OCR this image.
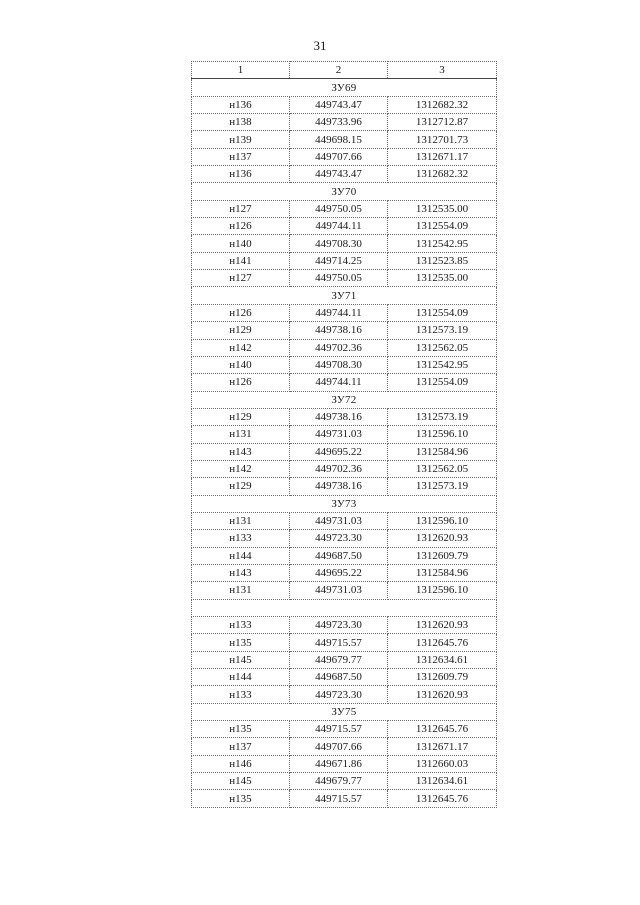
31
1	2	3
ЗУ69		
н136	449743.47	1312682.32
н138	449733.96	1312712.87
н139	449698.15	1312701.73
н137	449707.66	1312671.17
н136	449743.47	1312682.32
ЗУ70		
н127	449750.05	1312535.00
н126	449744.11	1312554.09
н140	449708.30	1312542.95
н141	449714.25	1312523.85
н127	449750.05	1312535.00
ЗУ71		
н126	449744.11	1312554.09
н129	449738.16	1312573.19
н142	449702.36	1312562.05
н140	449708.30	1312542.95
н126	449744.11	1312554.09
ЗУ72		
н129	449738.16	1312573.19
н131	449731.03	1312596.10
н143	449695.22	1312584.96
н142	449702.36	1312562.05
н129	449738.16	1312573.19
ЗУ73		
н131	449731.03	1312596.10
н133	449723.30	1312620.93
н144	449687.50	1312609.79
н143	449695.22	1312584.96
н131	449731.03	1312596.10

н133	449723.30	1312620.93
н135	449715.57	1312645.76
н145	449679.77	1312634.61
н144	449687.50	1312609.79
н133	449723.30	1312620.93
ЗУ75		
н135	449715.57	1312645.76
н137	449707.66	1312671.17
н146	449671.86	1312660.03
н145	449679.77	1312634.61
н135	449715.57	1312645.76
